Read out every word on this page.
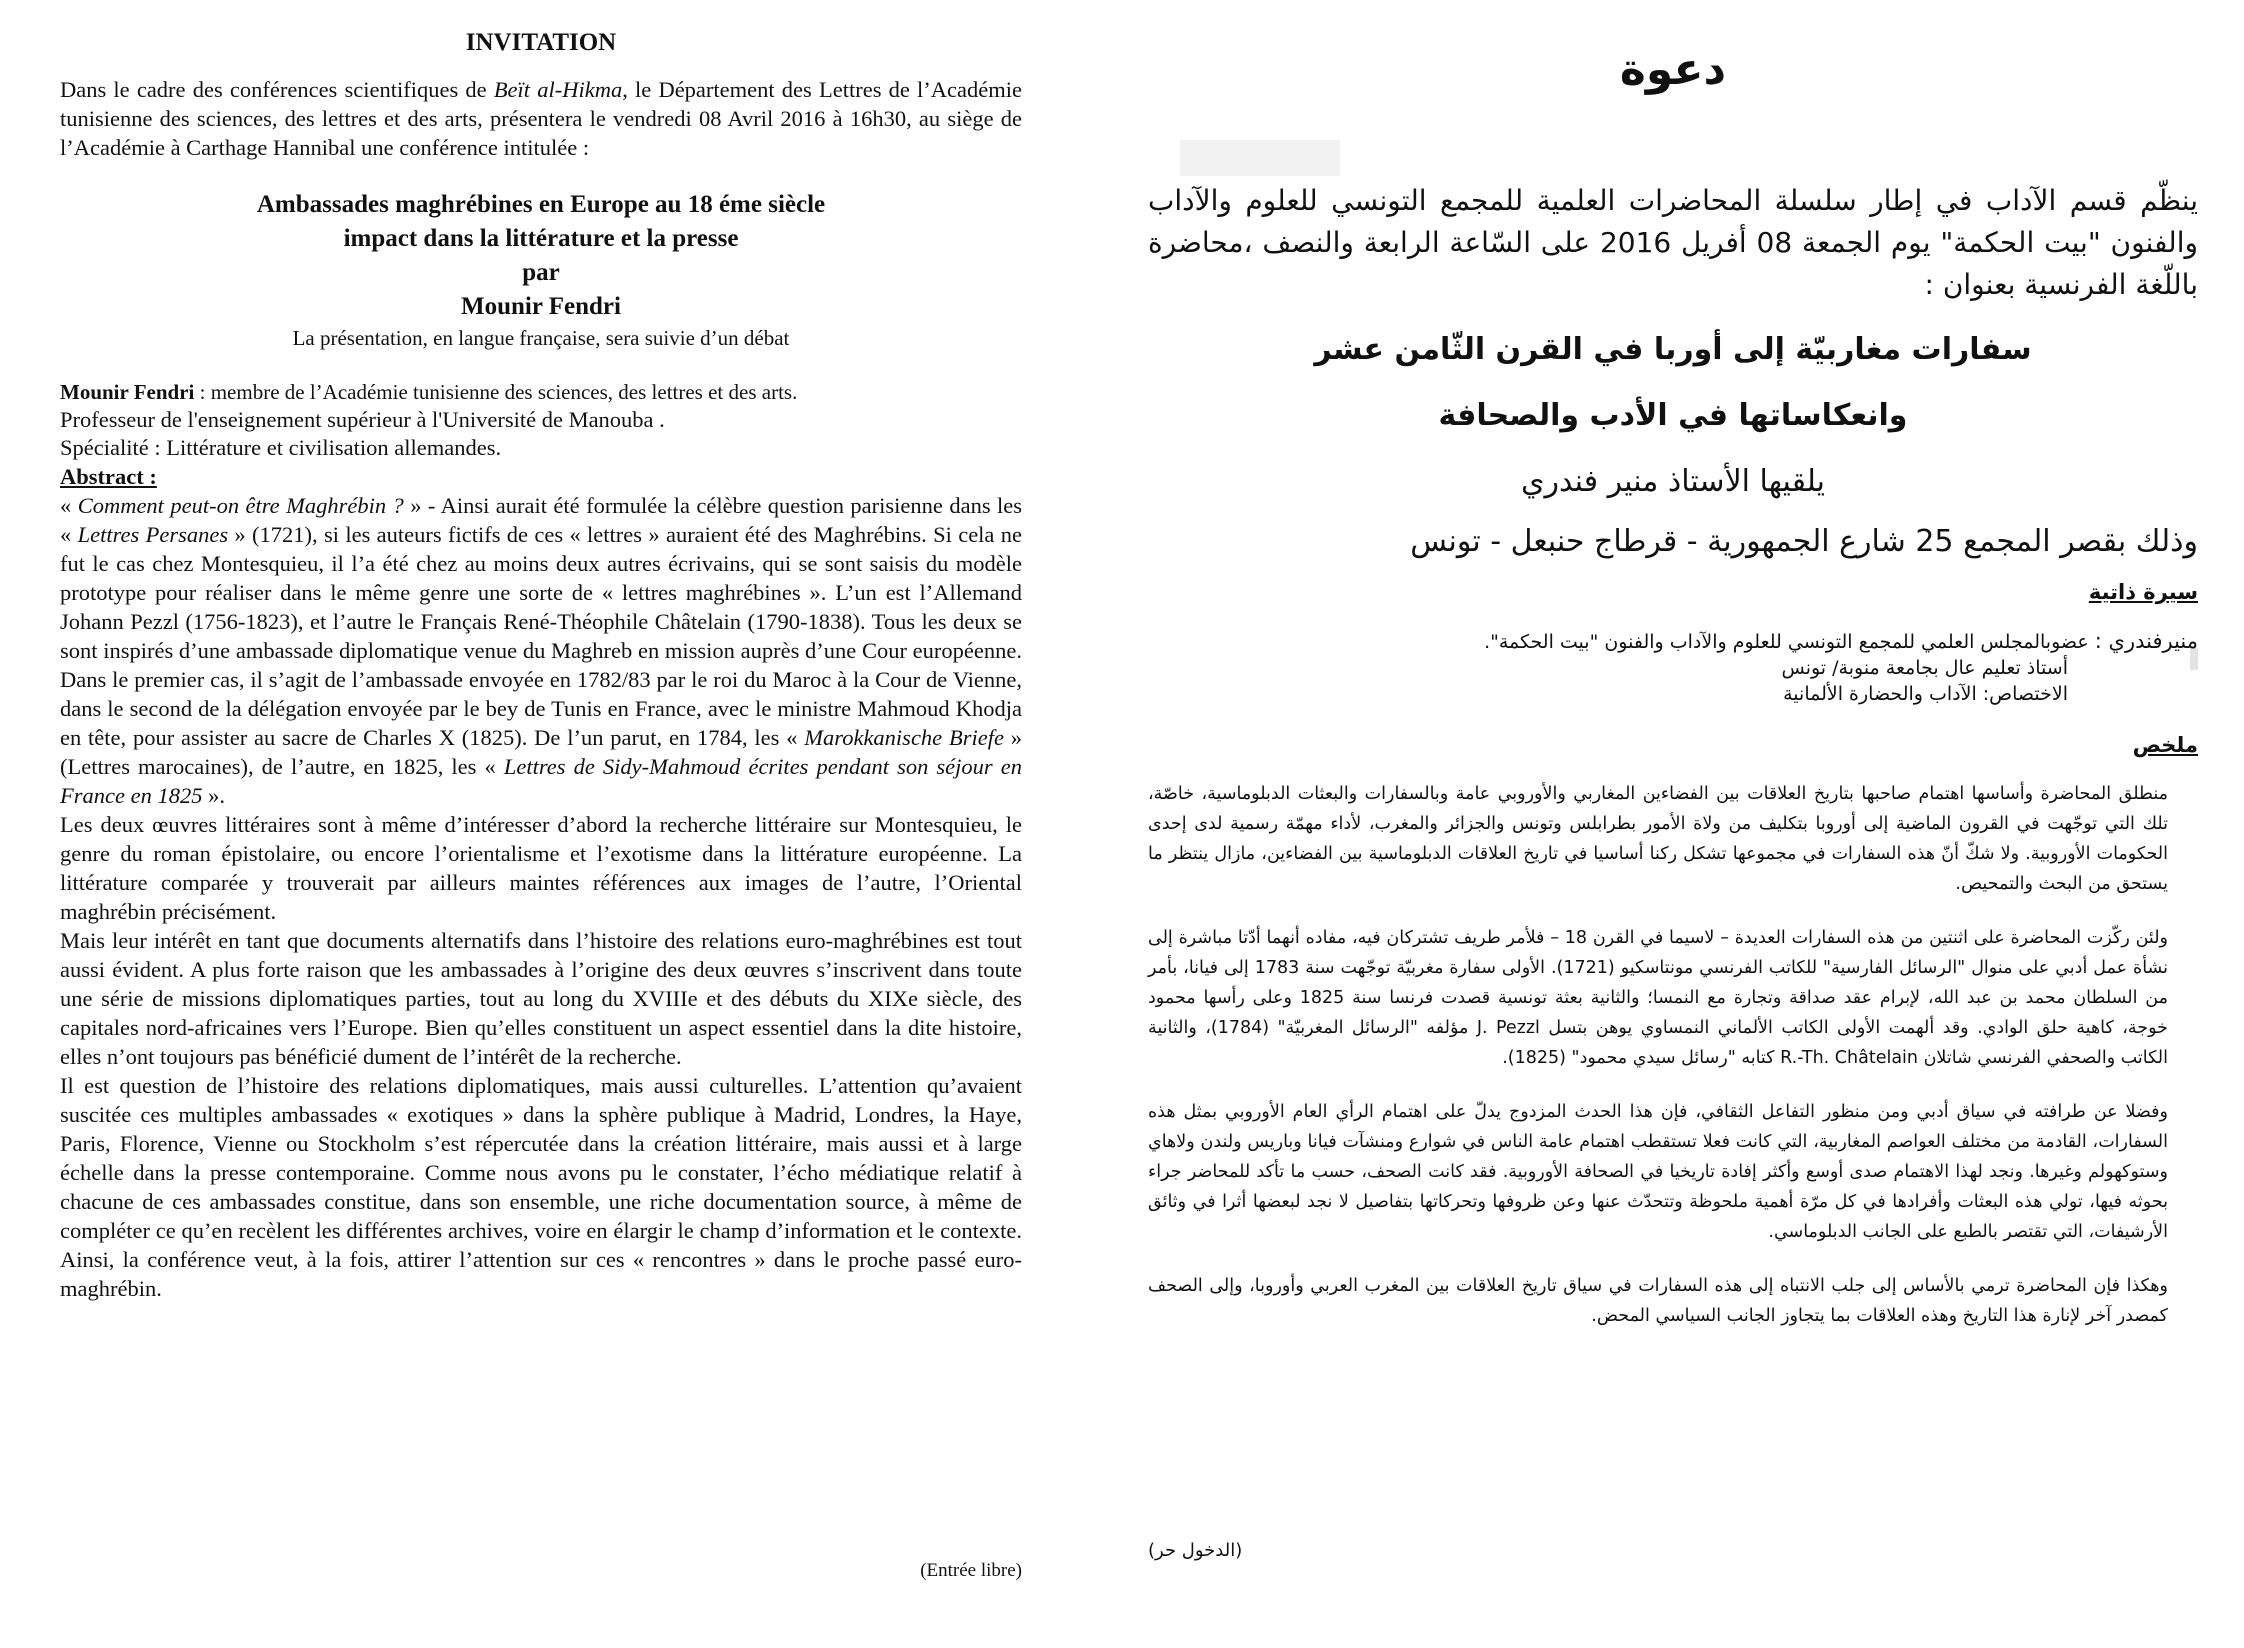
INVITATION

Dans le cadre des conférences scientifiques de Beït al-Hikma, le Département des Lettres de l’Académie tunisienne des sciences, des lettres et des arts, présentera le vendredi 08 Avril 2016 à 16h30, au siège de l’Académie à Carthage Hannibal une conférence intitulée :

Ambassades maghrébines en Europe au 18 éme siècle
impact dans la littérature et la presse
par
Mounir Fendri
La présentation, en langue française, sera suivie d’un débat
Mounir Fendri : membre de l’Académie tunisienne des sciences, des lettres et des arts.
Professeur de l'enseignement supérieur à l'Université de Manouba .
Spécialité : Littérature et civilisation allemandes.
Abstract :

« Comment peut-on être Maghrébin ? » - Ainsi aurait été formulée la célèbre question parisienne dans les « Lettres Persanes » (1721), si les auteurs fictifs de ces « lettres » auraient été des Maghrébins. Si cela ne fut le cas chez Montesquieu, il l’a été chez au moins deux autres écrivains, qui se sont saisis du modèle prototype pour réaliser dans le même genre une sorte de « lettres maghrébines ». L’un est l’Allemand Johann Pezzl (1756-1823), et l’autre le Français René-Théophile Châtelain (1790-1838). Tous les deux se sont inspirés d’une ambassade diplomatique venue du Maghreb en mission auprès d’une Cour européenne. Dans le premier cas, il s’agit de l’ambassade envoyée en 1782/83 par le roi du Maroc à la Cour de Vienne, dans le second de la délégation envoyée par le bey de Tunis en France, avec le ministre Mahmoud Khodja en tête, pour assister au sacre de Charles X (1825). De l’un parut, en 1784, les « Marokkanische Briefe » (Lettres marocaines), de l’autre, en 1825, les « Lettres de Sidy-Mahmoud écrites pendant son séjour en France en 1825 ».

Les deux œuvres littéraires sont à même d’intéresser d’abord la recherche littéraire sur Montesquieu, le genre du roman épistolaire, ou encore l’orientalisme et l’exotisme dans la littérature européenne. La littérature comparée y trouverait par ailleurs maintes références aux images de l’autre, l’Oriental maghrébin précisément.

Mais leur intérêt en tant que documents alternatifs dans l’histoire des relations euro-maghrébines est tout aussi évident. A plus forte raison que les ambassades à l’origine des deux œuvres s’inscrivent dans toute une série de missions diplomatiques parties, tout au long du XVIIIe et des débuts du XIXe siècle, des capitales nord-africaines vers l’Europe. Bien qu’elles constituent un aspect essentiel dans la dite histoire, elles n’ont toujours pas bénéficié dument de l’intérêt de la recherche.

Il est question de l’histoire des relations diplomatiques, mais aussi culturelles. L’attention qu’avaient suscitée ces multiples ambassades « exotiques » dans la sphère publique à Madrid, Londres, la Haye, Paris, Florence, Vienne ou Stockholm s’est répercutée dans la création littéraire, mais aussi et à large échelle dans la presse contemporaine. Comme nous avons pu le constater, l’écho médiatique relatif à chacune de ces ambassades constitue, dans son ensemble, une riche documentation source, à même de compléter ce qu’en recèlent les différentes archives, voire en élargir le champ d’information et le contexte. Ainsi, la conférence veut, à la fois, attirer l’attention sur ces « rencontres » dans le proche passé euro-maghrébin.

(Entrée libre)
دعوة
ينظّم قسم الآداب في إطار سلسلة المحاضرات العلمية للمجمع التونسي للعلوم والآداب والفنون "بيت الحكمة" يوم الجمعة 08 أفريل 2016 على السّاعة الرابعة والنصف ،محاضرة باللّغة الفرنسية بعنوان :
سفارات مغاربيّة إلى أوربا في القرن الثّامن عشر
وانعكاساتها في الأدب والصحافة
يلقيها الأستاذ منير فندري
وذلك بقصر المجمع 25 شارع الجمهورية - قرطاج حنبعل - تونس
سيرة ذاتية
منيرفندري : عضوبالمجلس العلمي للمجمع التونسي للعلوم والآداب والفنون "بيت الحكمة".
أستاذ تعليم عال بجامعة منوبة/ تونس
الاختصاص: الآداب والحضارة الألمانية
ملخص

منطلق المحاضرة وأساسها اهتمام صاحبها بتاريخ العلاقات بين الفضاءين المغاربي والأوروبي عامة وبالسفارات والبعثات الدبلوماسية، خاصّة، تلك التي توجّهت في القرون الماضية إلى أوروبا بتكليف من ولاة الأمور بطرابلس وتونس والجزائر والمغرب، لأداء مهمّة رسمية لدى إحدى الحكومات الأوروبية. ولا شكّ أنّ هذه السفارات في مجموعها تشكل ركنا أساسيا في تاريخ العلاقات الدبلوماسية بين الفضاءين، مازال ينتظر ما يستحق من البحث والتمحيص.

ولئن ركّزت المحاضرة على اثنتين من هذه السفارات العديدة – لاسيما في القرن 18 – فلأمر طريف تشتركان فيه، مفاده أنهما أدّتا مباشرة إلى نشأة عمل أدبي على منوال "الرسائل الفارسية" للكاتب الفرنسي مونتاسكيو (1721). الأولى سفارة مغربيّة توجّهت سنة 1783 إلى فيانا، بأمر من السلطان محمد بن عبد الله، لإبرام عقد صداقة وتجارة مع النمسا؛ والثانية بعثة تونسية قصدت فرنسا سنة 1825 وعلى رأسها محمود خوجة، كاهية حلق الوادي. وقد ألهمت الأولى الكاتب الألماني النمساوي يوهن بتسل J. Pezzl مؤلفه "الرسائل المغربيّة" (1784)، والثانية الكاتب والصحفي الفرنسي شاتلان R.-Th. Châtelain كتابه "رسائل سيدي محمود" (1825).

وفضلا عن طرافته في سياق أدبي ومن منظور التفاعل الثقافي، فإن هذا الحدث المزدوج يدلّ على اهتمام الرأي العام الأوروبي بمثل هذه السفارات، القادمة من مختلف العواصم المغاربية، التي كانت فعلا تستقطب اهتمام عامة الناس في شوارع ومنشآت فيانا وباريس ولندن ولاهاي وستوكهولم وغيرها. ونجد لهذا الاهتمام صدى أوسع وأكثر إفادة تاريخيا في الصحافة الأوروبية. فقد كانت الصحف، حسب ما تأكد للمحاضر جراء بحوثه فيها، تولي هذه البعثات وأفرادها في كل مرّة أهمية ملحوظة وتتحدّث عنها وعن ظروفها وتحركاتها بتفاصيل لا نجد لبعضها أثرا في وثائق الأرشيفات، التي تقتصر بالطبع على الجانب الدبلوماسي.

وهكذا فإن المحاضرة ترمي بالأساس إلى جلب الانتباه إلى هذه السفارات في سياق تاريخ العلاقات بين المغرب العربي وأوروبا، وإلى الصحف كمصدر آخر لإنارة هذا التاريخ وهذه العلاقات بما يتجاوز الجانب السياسي المحض.

(الدخول حر)
